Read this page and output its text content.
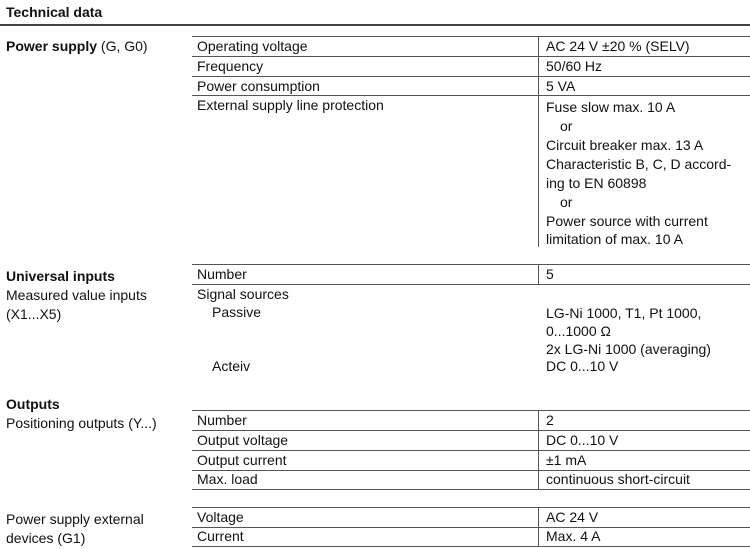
Technical data
Power supply (G, G0)	Operating voltage	AC 24 V ±20 % (SELV)
Frequency	50/60 Hz
Power consumption	5 VA
External supply line protection	Fuse slow max. 10 A
or
Circuit breaker max. 13 A
Characteristic B, C, D accord-
ing to EN 60898
or
Power source with current
limitation of max. 10 A
Universal inputs
Measured value inputs
(X1...X5)
Number	5
Signal sources
Passive	LG-Ni 1000, T1, Pt 1000,
0...1000 Ω
2x LG-Ni 1000 (averaging)
Acteiv	DC 0...10 V
Outputs
Positioning outputs (Y...)	Number	2
Output voltage	DC 0...10 V
Output current	±1 mA
Max. load	continuous short-circuit
Power supply external
devices (G1)
Voltage	AC 24 V
Current	Max. 4 A
